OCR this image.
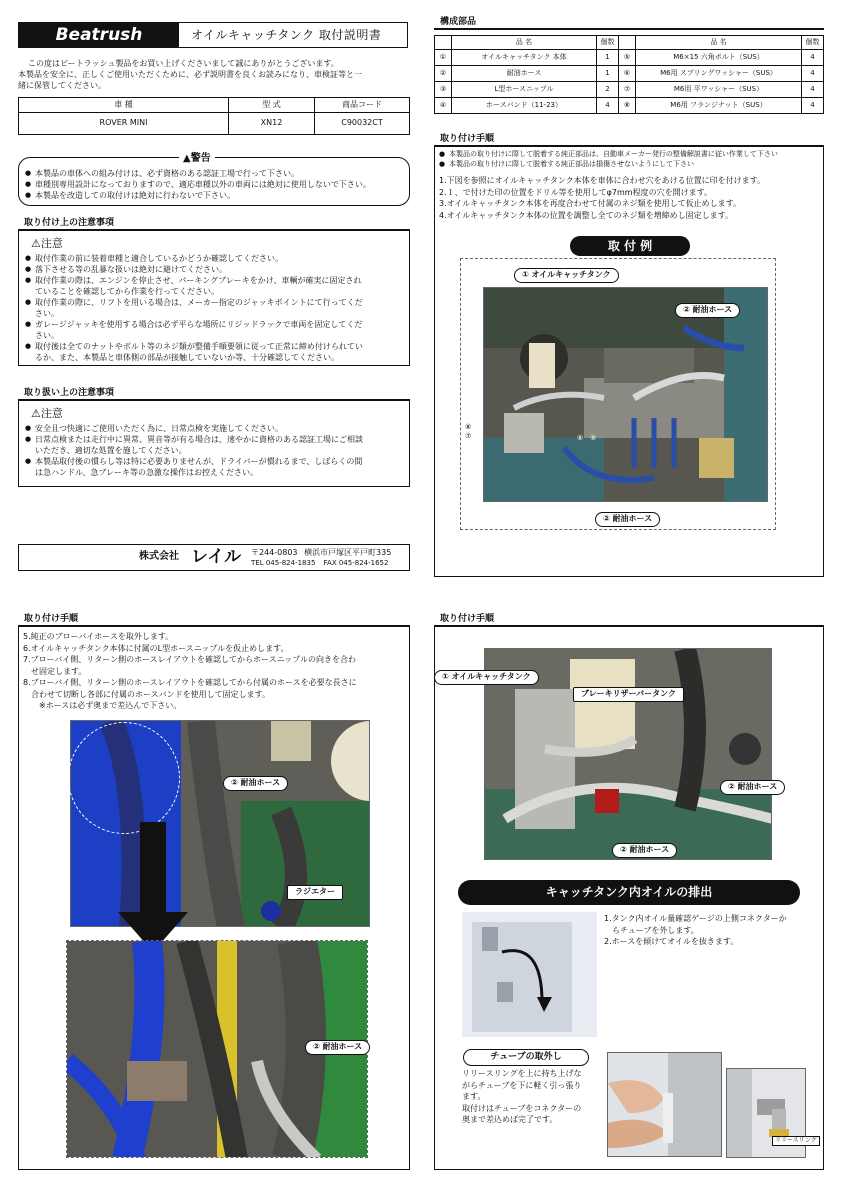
Beatrush	オイルキャッチタンク 取付説明書
この度はビートラッシュ製品をお買い上げくださいまして誠にありがとうございます。
本製品を安全に、正しくご使用いただくために、必ず説明書を良くお読みになり、車検証等と一
緒に保管してください。
車 種	型 式	商品コード
ROVER MINI	XN12	C90032CT
▲警告
● 本製品の車体への組み付けは、必ず資格のある認証工場で行って下さい。
● 車種別専用設計になっておりますので、適応車種以外の車両には絶対に使用しないで下さい。
● 本製品を改造しての取付けは絶対に行わないで下さい。
取り付け上の注意事項
⚠注意
● 取付作業の前に装着車種と適合しているかどうか確認してください。
● 落下させる等の乱暴な扱いは絶対に避けてください。
● 取付作業の際は、エンジンを停止させ、パーキングブレーキをかけ、車輌が確実に固定され
ていることを確認してから作業を行ってください。
● 取付作業の際に、リフトを用いる場合は、メーカー指定のジャッキポイントにて行ってくだ
さい。
● ガレージジャッキを使用する場合は必ず平らな場所にリジッドラックで車両を固定してくだ
さい。
● 取付後は全てのナットやボルト等のネジ類が整備手順要領に従って正常に締め付けられてい
るか、また、本製品と車体側の部品が接触していないか等、十分確認してください。
取り扱い上の注意事項
⚠注意
● 安全且つ快適にご使用いただく為に、日常点検を実施してください。
● 日常点検または走行中に異常、異音等が有る場合は、速やかに資格のある認証工場にご相談
いただき、適切な処置を施してください。
● 本製品取付後の慣らし等は特に必要ありませんが、ドライバーが慣れるまで、しばらくの間
は急ハンドル、急ブレーキ等の急激な操作はお控えください。
株式会社 レイル 〒244-0803 横浜市戸塚区平戸町335
TEL 045-824-1835 FAX 045-824-1652
構成部品
	品 名	個数		品 名	個数
①	オイルキャッチタンク 本体	1	⑤	M6×15 六角ボルト（SUS）	4
②	耐油ホース	1	⑥	M6用 スプリングワッシャー（SUS）	4
③	L型ホースニップル	2	⑦	M6用 平ワッシャー（SUS）	4
④	ホースバンド（11-23）	4	⑧	M6用 フランジナット（SUS）	4
取り付け手順
● 本製品の取り付けに際して脱着する純正部品は、自動車メーカー発行の整備解説書に従い作業して下さい
● 本製品の取り付けに際して脱着する純正部品は損傷させないようにして下さい
1.下図を参照にオイルキャッチタンク本体を車体に合わせ穴をあける位置に印を付けます。
2.１、で付けた印の位置をドリル等を使用してφ7mm程度の穴を開けます。
3.オイルキャッチタンク本体を再度合わせて付属のネジ類を使用して仮止めします。
4.オイルキャッチタンク本体の位置を調整し全てのネジ類を増締めし固定します。
取 付 例
① オイルキャッチタンク
② 耐油ホース
② 耐油ホース
⑧
⑦	⑥ ⑤
取り付け手順
5.純正のブローバイホースを取外します。
6.オイルキャッチタンク本体に付属のL型ホースニップルを仮止めします。
7.ブローバイ側、リターン側のホースレイアウトを確認してからホースニップルの向きを合わ
　せ固定します。
8.ブローバイ側、リターン側のホースレイアウトを確認してから付属のホースを必要な長さに
　合わせて切断し各部に付属のホースバンドを使用して固定します。
　　※ホースは必ず奥まで差込んで下さい。
② 耐油ホース
ラジエター
② 耐油ホース
取り付け手順
① オイルキャッチタンク
ブレーキリザーバータンク
② 耐油ホース
② 耐油ホース
キャッチタンク内オイルの排出
1.タンク内オイル量確認ゲージの上側コネクターか
　らチューブを外します。
2.ホースを傾けてオイルを抜きます。
チューブの取外し
リリースリングを上に持ち上げな
がらチューブを下に軽く引っ張り
ます。
取付けはチューブをコネクターの
奥まで差込めば完了です。
リリースリング
